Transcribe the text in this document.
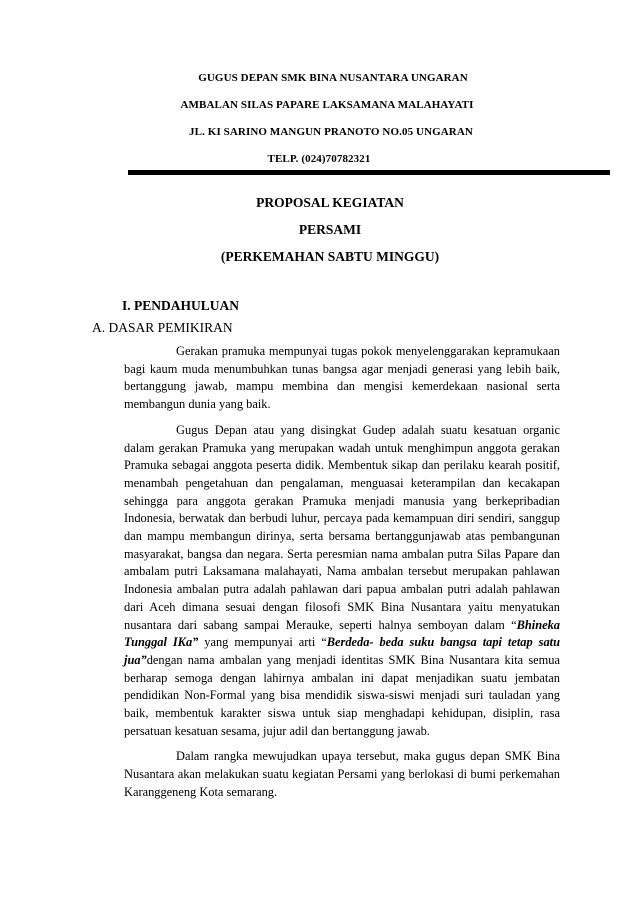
GUGUS DEPAN SMK BINA NUSANTARA UNGARAN
AMBALAN SILAS PAPARE LAKSAMANA MALAHAYATI
JL. KI SARINO MANGUN PRANOTO NO.05 UNGARAN
TELP. (024)70782321
PROPOSAL KEGIATAN
PERSAMI
(PERKEMAHAN SABTU MINGGU)
I. PENDAHULUAN
A. DASAR PEMIKIRAN

Gerakan pramuka mempunyai tugas pokok menyelenggarakan kepramukaan bagi kaum muda menumbuhkan tunas bangsa agar menjadi generasi yang lebih baik, bertanggung jawab, mampu membina dan mengisi kemerdekaan nasional serta membangun dunia yang baik.

Gugus Depan atau yang disingkat Gudep adalah suatu kesatuan organic dalam gerakan Pramuka yang merupakan wadah untuk menghimpun anggota gerakan Pramuka sebagai anggota peserta didik. Membentuk sikap dan perilaku kearah positif, menambah pengetahuan dan pengalaman, menguasai keterampilan dan kecakapan sehingga para anggota gerakan Pramuka menjadi manusia yang berkepribadian Indonesia, berwatak dan berbudi luhur, percaya pada kemampuan diri sendiri, sanggup dan mampu membangun dirinya, serta bersama bertanggunjawab atas pembangunan masyarakat, bangsa dan negara. Serta peresmian nama ambalan putra Silas Papare dan ambalam putri Laksamana malahayati, Nama ambalan tersebut merupakan pahlawan Indonesia ambalan putra adalah pahlawan dari papua ambalan putri adalah pahlawan dari Aceh dimana sesuai dengan filosofi SMK Bina Nusantara yaitu menyatukan nusantara dari sabang sampai Merauke, seperti halnya semboyan dalam “Bhineka Tunggal IKa” yang mempunyai arti “Berdeda- beda suku bangsa tapi tetap satu jua”dengan nama ambalan yang menjadi identitas SMK Bina Nusantara kita semua berharap semoga dengan lahirnya ambalan ini dapat menjadikan suatu jembatan pendidikan Non-Formal yang bisa mendidik siswa-siswi menjadi suri tauladan yang baik, membentuk karakter siswa untuk siap menghadapi kehidupan, disiplin, rasa persatuan kesatuan sesama, jujur adil dan bertanggung jawab.

Dalam rangka mewujudkan upaya tersebut, maka gugus depan SMK Bina Nusantara akan melakukan suatu kegiatan Persami yang berlokasi di bumi perkemahan Karanggeneng Kota semarang.
